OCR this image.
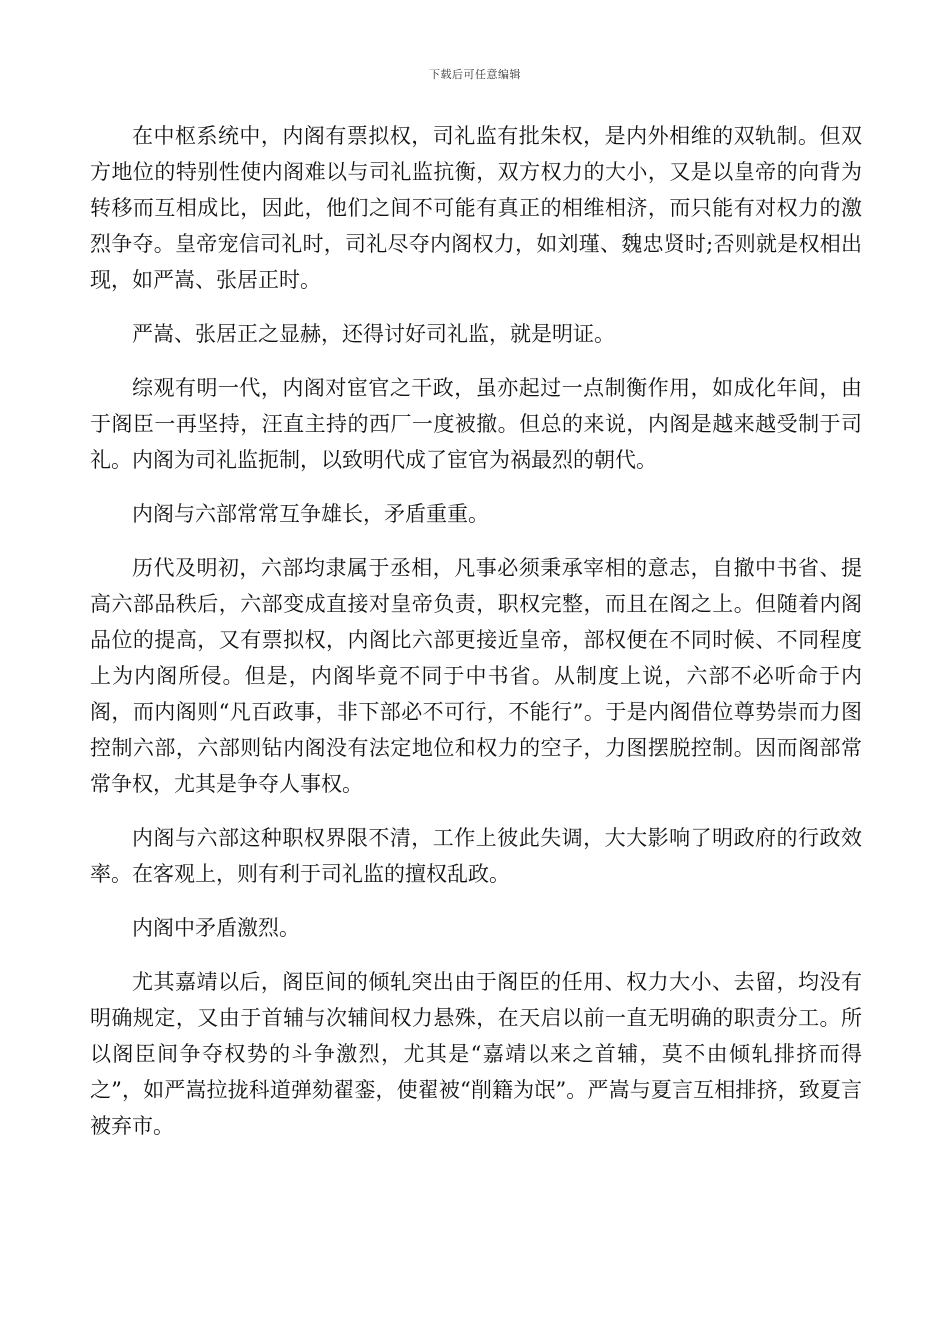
下载后可任意编辑

在中枢系统中，内阁有票拟权，司礼监有批朱权，是内外相维的双轨制。但双方地位的特别性使内阁难以与司礼监抗衡，双方权力的大小，又是以皇帝的向背为转移而互相成比，因此，他们之间不可能有真正的相维相济，而只能有对权力的激烈争夺。皇帝宠信司礼时，司礼尽夺内阁权力，如刘瑾、魏忠贤时;否则就是权相出现，如严嵩、张居正时。

严嵩、张居正之显赫，还得讨好司礼监，就是明证。

综观有明一代，内阁对宦官之干政，虽亦起过一点制衡作用，如成化年间，由于阁臣一再坚持，汪直主持的西厂一度被撤。但总的来说，内阁是越来越受制于司礼。内阁为司礼监扼制，以致明代成了宦官为祸最烈的朝代。

内阁与六部常常互争雄长，矛盾重重。

历代及明初，六部均隶属于丞相，凡事必须秉承宰相的意志，自撤中书省、提高六部品秩后，六部变成直接对皇帝负责，职权完整，而且在阁之上。但随着内阁品位的提高，又有票拟权，内阁比六部更接近皇帝，部权便在不同时候、不同程度上为内阁所侵。但是，内阁毕竟不同于中书省。从制度上说，六部不必听命于内阁，而内阁则“凡百政事，非下部必不可行，不能行”。于是内阁借位尊势崇而力图控制六部，六部则钻内阁没有法定地位和权力的空子，力图摆脱控制。因而阁部常常争权，尤其是争夺人事权。

内阁与六部这种职权界限不清，工作上彼此失调，大大影响了明政府的行政效率。在客观上，则有利于司礼监的擅权乱政。

内阁中矛盾激烈。

尤其嘉靖以后，阁臣间的倾轧突出由于阁臣的任用、权力大小、去留，均没有明确规定，又由于首辅与次辅间权力悬殊，在天启以前一直无明确的职责分工。所以阁臣间争夺权势的斗争激烈，尤其是“嘉靖以来之首辅，莫不由倾轧排挤而得之”，如严嵩拉拢科道弹劾翟銮，使翟被“削籍为氓”。严嵩与夏言互相排挤，致夏言被弃市。
